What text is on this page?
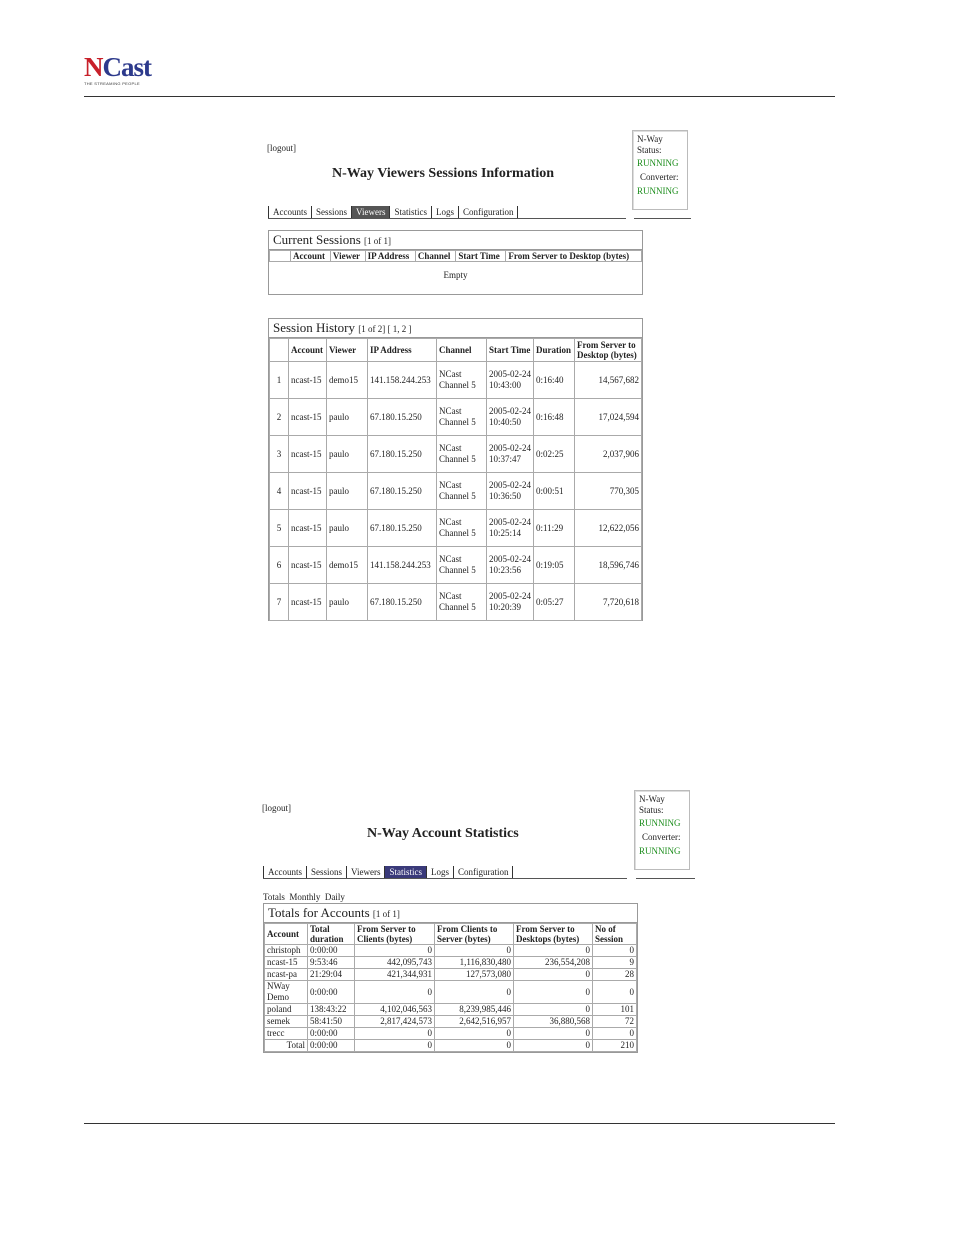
NCast
THE STREAMING PEOPLE
[logout]
N-Way Viewers Sessions Information
N-Way
Status:
RUNNING
Converter:
RUNNING
Accounts	Sessions	Viewers	Statistics	Logs	Configuration
Current Sessions [1 of 1]
	Account	Viewer	IP Address	Channel	Start Time	From Server to Desktop (bytes)
Empty
Session History [1 of 2] [ 1, 2 ]
	Account	Viewer	IP Address	Channel	Start Time	Duration	From Server to Desktop (bytes)
1	ncast-15	demo15	141.158.244.253	NCast Channel 5	2005-02-24 10:43:00	0:16:40	14,567,682
2	ncast-15	paulo	67.180.15.250	NCast Channel 5	2005-02-24 10:40:50	0:16:48	17,024,594
3	ncast-15	paulo	67.180.15.250	NCast Channel 5	2005-02-24 10:37:47	0:02:25	2,037,906
4	ncast-15	paulo	67.180.15.250	NCast Channel 5	2005-02-24 10:36:50	0:00:51	770,305
5	ncast-15	paulo	67.180.15.250	NCast Channel 5	2005-02-24 10:25:14	0:11:29	12,622,056
6	ncast-15	demo15	141.158.244.253	NCast Channel 5	2005-02-24 10:23:56	0:19:05	18,596,746
7	ncast-15	paulo	67.180.15.250	NCast Channel 5	2005-02-24 10:20:39	0:05:27	7,720,618
[logout]
N-Way Account Statistics
N-Way
Status:
RUNNING
Converter:
RUNNING
Accounts	Sessions	Viewers	Statistics	Logs	Configuration
Totals Monthly Daily
Totals for Accounts [1 of 1]
Account	Total duration	From Server to Clients (bytes)	From Clients to Server (bytes)	From Server to Desktops (bytes)	No of Session
christoph	0:00:00	0	0	0	0
ncast-15	9:53:46	442,095,743	1,116,830,480	236,554,208	9
ncast-pa	21:29:04	421,344,931	127,573,080	0	28
NWay Demo	0:00:00	0	0	0	0
poland	138:43:22	4,102,046,563	8,239,985,446	0	101
semek	58:41:50	2,817,424,573	2,642,516,957	36,880,568	72
trecc	0:00:00	0	0	0	0
Total	0:00:00	0	0	0	210
